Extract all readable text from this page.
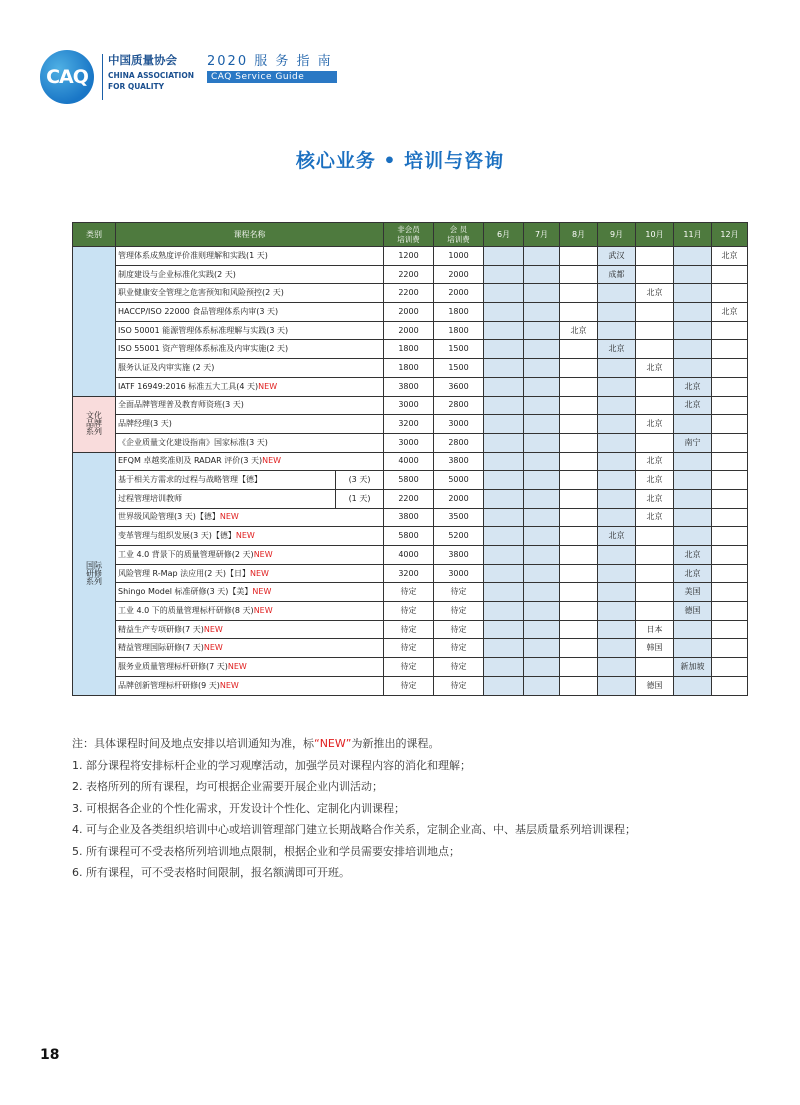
CAQ
中国质量协会
CHINA ASSOCIATION
FOR QUALITY
2020 服 务 指 南
CAQ Service Guide
核心业务 • 培训与咨询
类别	课程名称		非会员
培训费	会 员
培训费	6月	7月	8月	9月	10月	11月	12月
	管理体系成熟度评价准则理解和实践(1 天)		1200	1000				武汉			北京
	制度建设与企业标准化实践(2 天)		2200	2000				成都			
	职业健康安全管理之危害预知和风险预控(2 天)		2200	2000					北京		
	HACCP/ISO 22000 食品管理体系内审(3 天)		2000	1800							北京
	ISO 50001 能源管理体系标准理解与实践(3 天)		2000	1800			北京				
	ISO 55001 资产管理体系标准及内审实施(2 天)		1800	1500				北京			
	服务认证及内审实施 (2 天)		1800	1500					北京		
	IATF 16949:2016 标准五大工具(4 天)NEW		3800	3600						北京	

文化
品牌
系列	全面品牌管理普及教育师资班(3 天)		3000	2800						北京	
	品牌经理(3 天)		3200	3000					北京		
	《企业质量文化建设指南》国家标准(3 天)		3000	2800						南宁	

国际
研修
系列	EFQM 卓越奖准则及 RADAR 评价(3 天)NEW		4000	3800					北京		
	基于相关方需求的过程与战略管理【德】	(3 天)	5800	5000					北京		
	过程管理培训教师	(1 天)	2200	2000					北京		
	世界级风险管理(3 天)【德】NEW		3800	3500					北京		
	变革管理与组织发展(3 天)【德】NEW		5800	5200				北京			
	工业 4.0 背景下的质量管理研修(2 天)NEW		4000	3800						北京	
	风险管理 R-Map 法应用(2 天)【日】NEW		3200	3000						北京	
	Shingo Model 标准研修(3 天)【美】NEW		待定	待定						美国	
	工业 4.0 下的质量管理标杆研修(8 天)NEW		待定	待定						德国	
	精益生产专项研修(7 天)NEW		待定	待定					日本		
	精益管理国际研修(7 天)NEW		待定	待定					韩国		
	服务业质量管理标杆研修(7 天)NEW		待定	待定						新加坡	
	品牌创新管理标杆研修(9 天)NEW		待定	待定					德国		

注：具体课程时间及地点安排以培训通知为准，标“NEW”为新推出的课程。

1. 部分课程将安排标杆企业的学习观摩活动，加强学员对课程内容的消化和理解；

2. 表格所列的所有课程，均可根据企业需要开展企业内训活动；

3. 可根据各企业的个性化需求，开发设计个性化、定制化内训课程；

4. 可与企业及各类组织培训中心或培训管理部门建立长期战略合作关系，定制企业高、中、基层质量系列培训课程；

5. 所有课程可不受表格所列培训地点限制，根据企业和学员需要安排培训地点；

6. 所有课程，可不受表格时间限制，报名额满即可开班。

18
